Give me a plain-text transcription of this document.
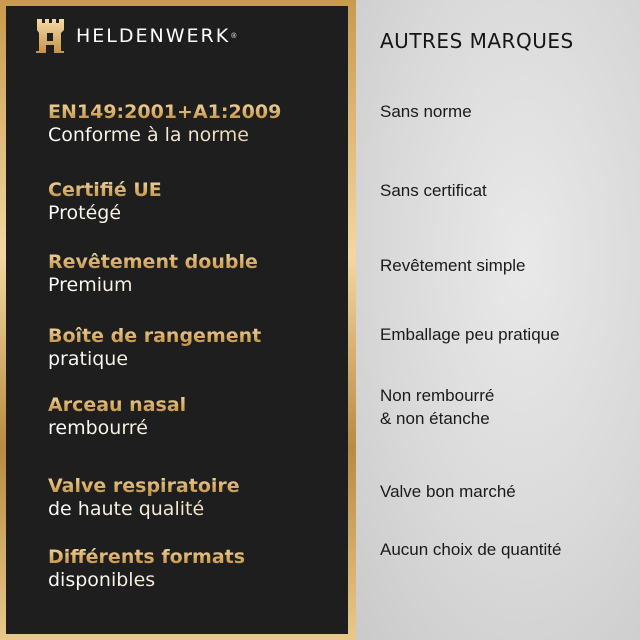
HELDENWERK ®
EN149:2001+A1:2009
Conforme à la norme
Certifié UE
Protégé
Revêtement double
Premium
Boîte de rangement
pratique
Arceau nasal
rembourré
Valve respiratoire
de haute qualité
Différents formats
disponibles
AUTRES MARQUES
Sans norme
Sans certificat
Revêtement simple
Emballage peu pratique
Non rembourré
& non étanche
Valve bon marché
Aucun choix de quantité
